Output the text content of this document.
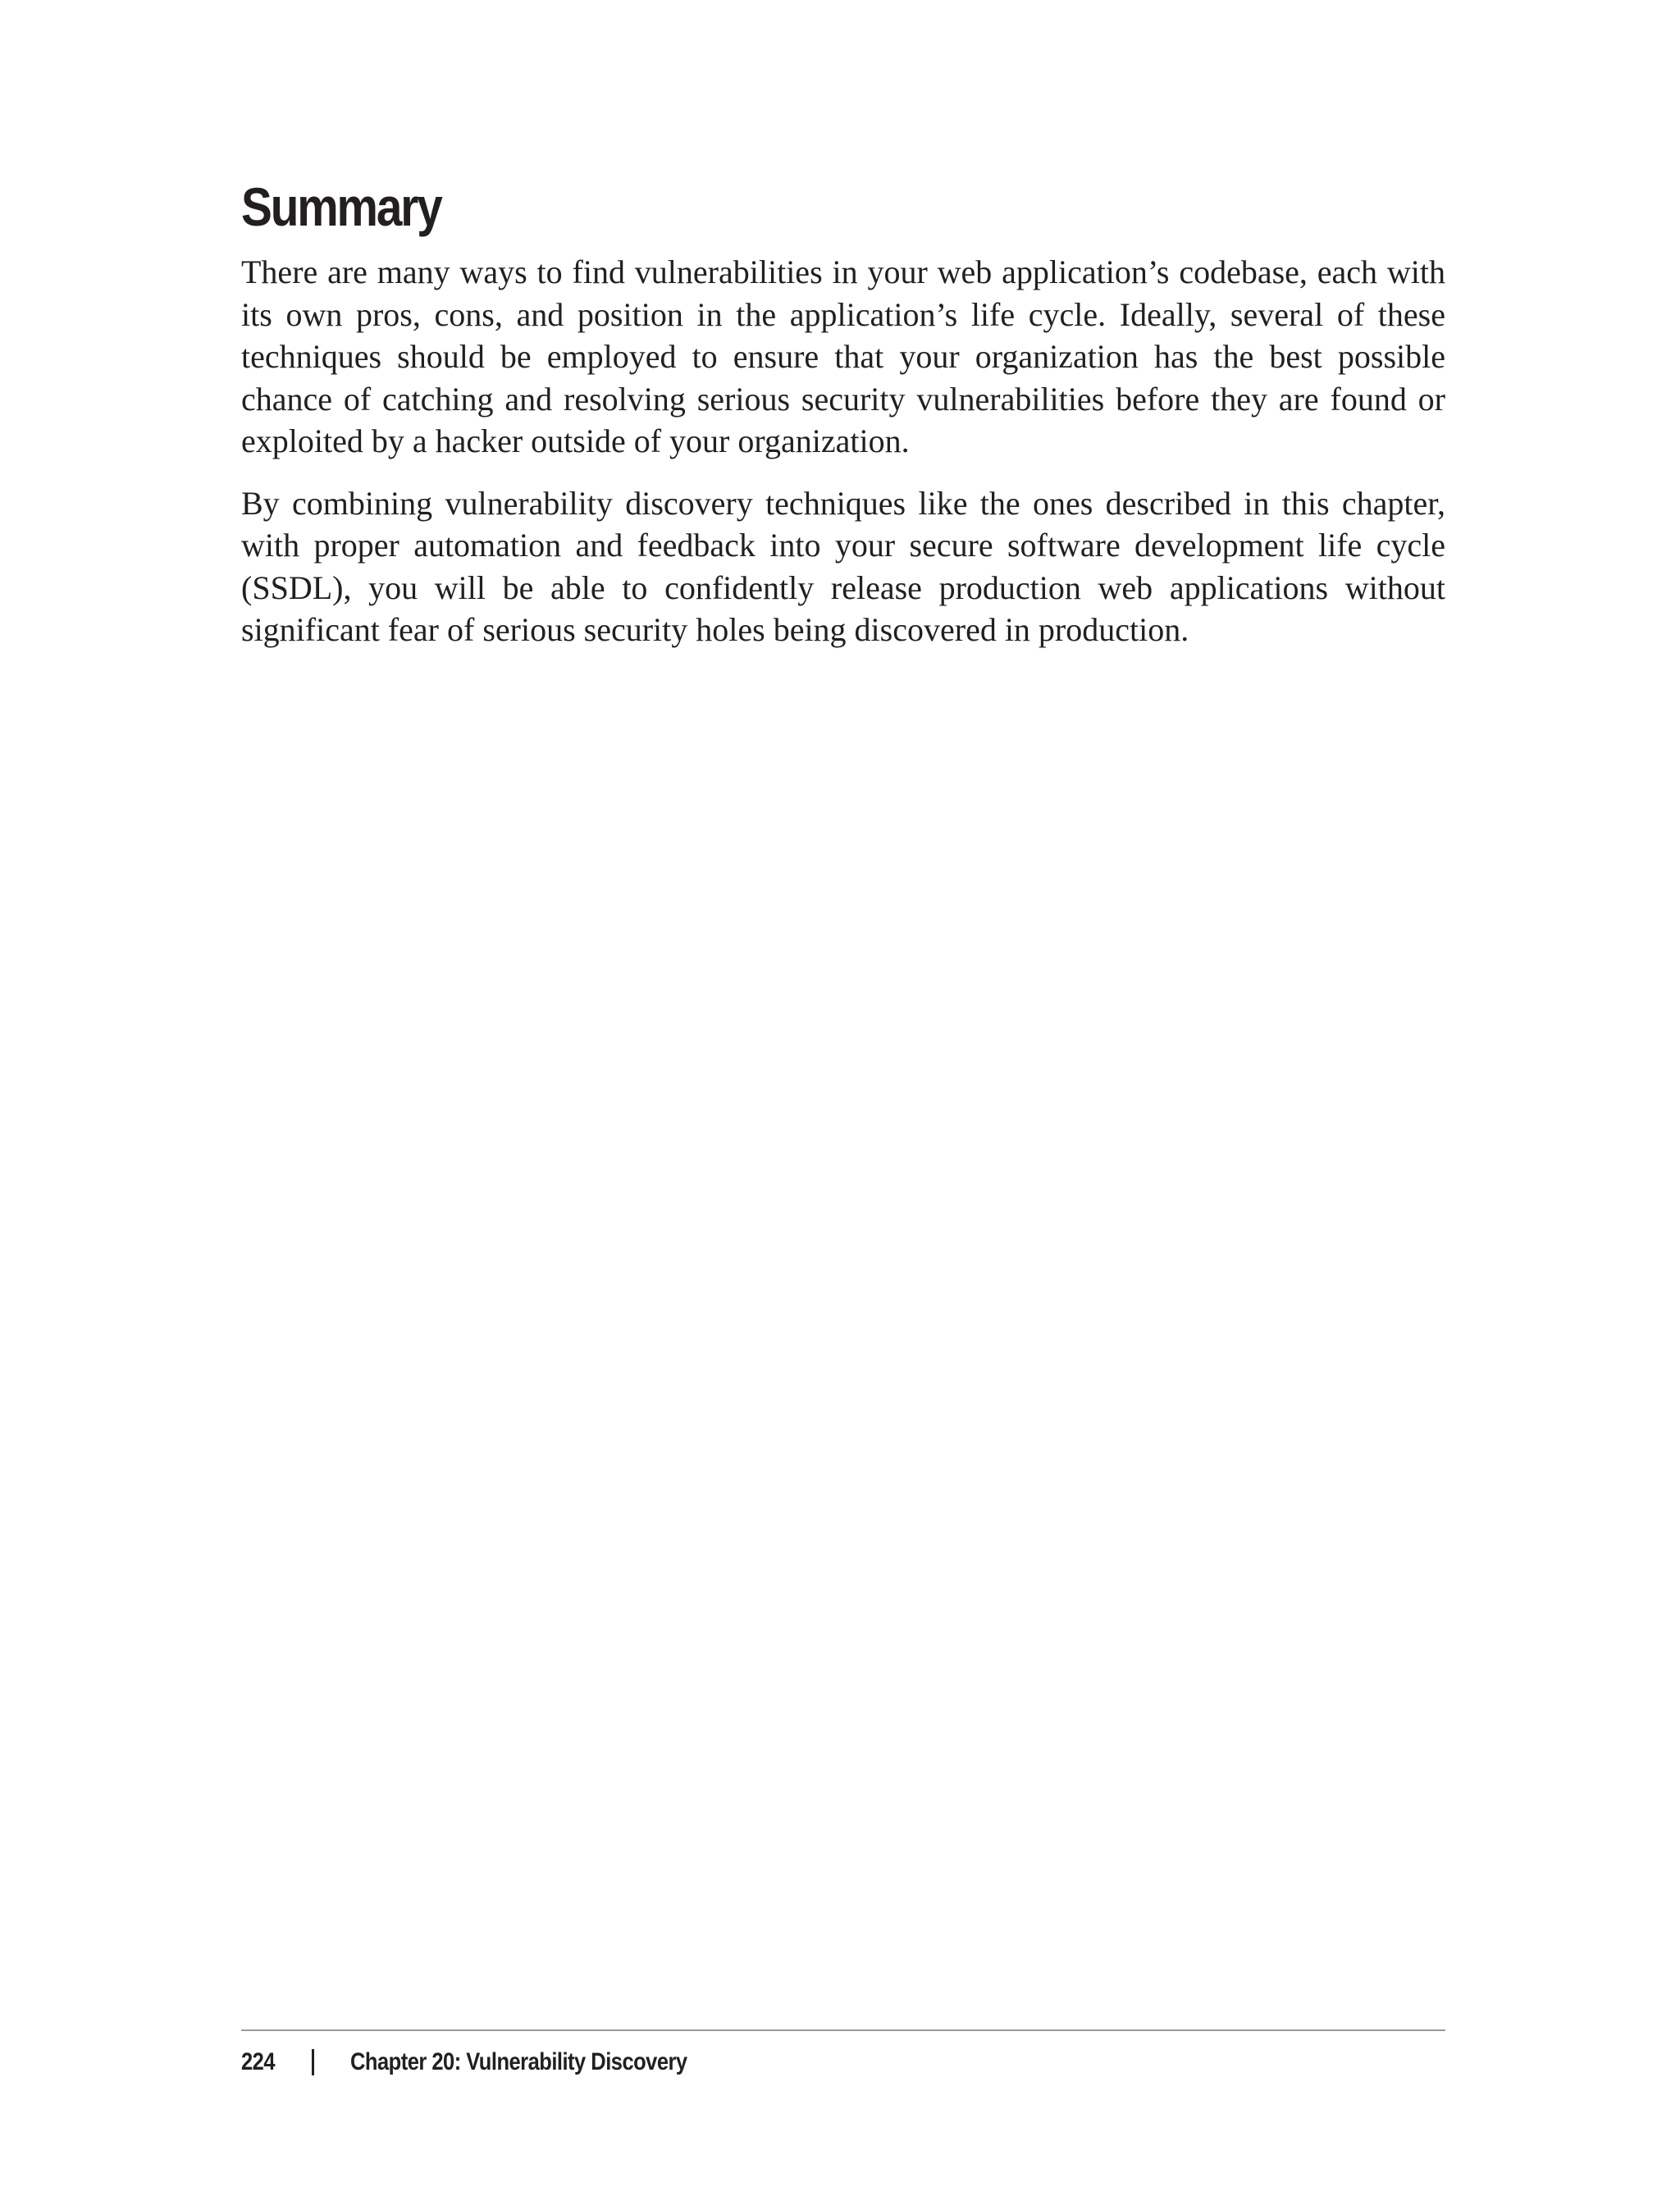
Summary

There are many ways to find vulnerabilities in your web application’s codebase, each with its own pros, cons, and position in the application’s life cycle. Ideally, several of these techniques should be employed to ensure that your organization has the best possible chance of catching and resolving serious security vulnerabilities before they are found or exploited by a hacker outside of your organization.

By combining vulnerability discovery techniques like the ones described in this chapter, with proper automation and feedback into your secure software development life cycle (SSDL), you will be able to confidently release production web applications without significant fear of serious security holes being discovered in production.

224	Chapter 20: Vulnerability Discovery
